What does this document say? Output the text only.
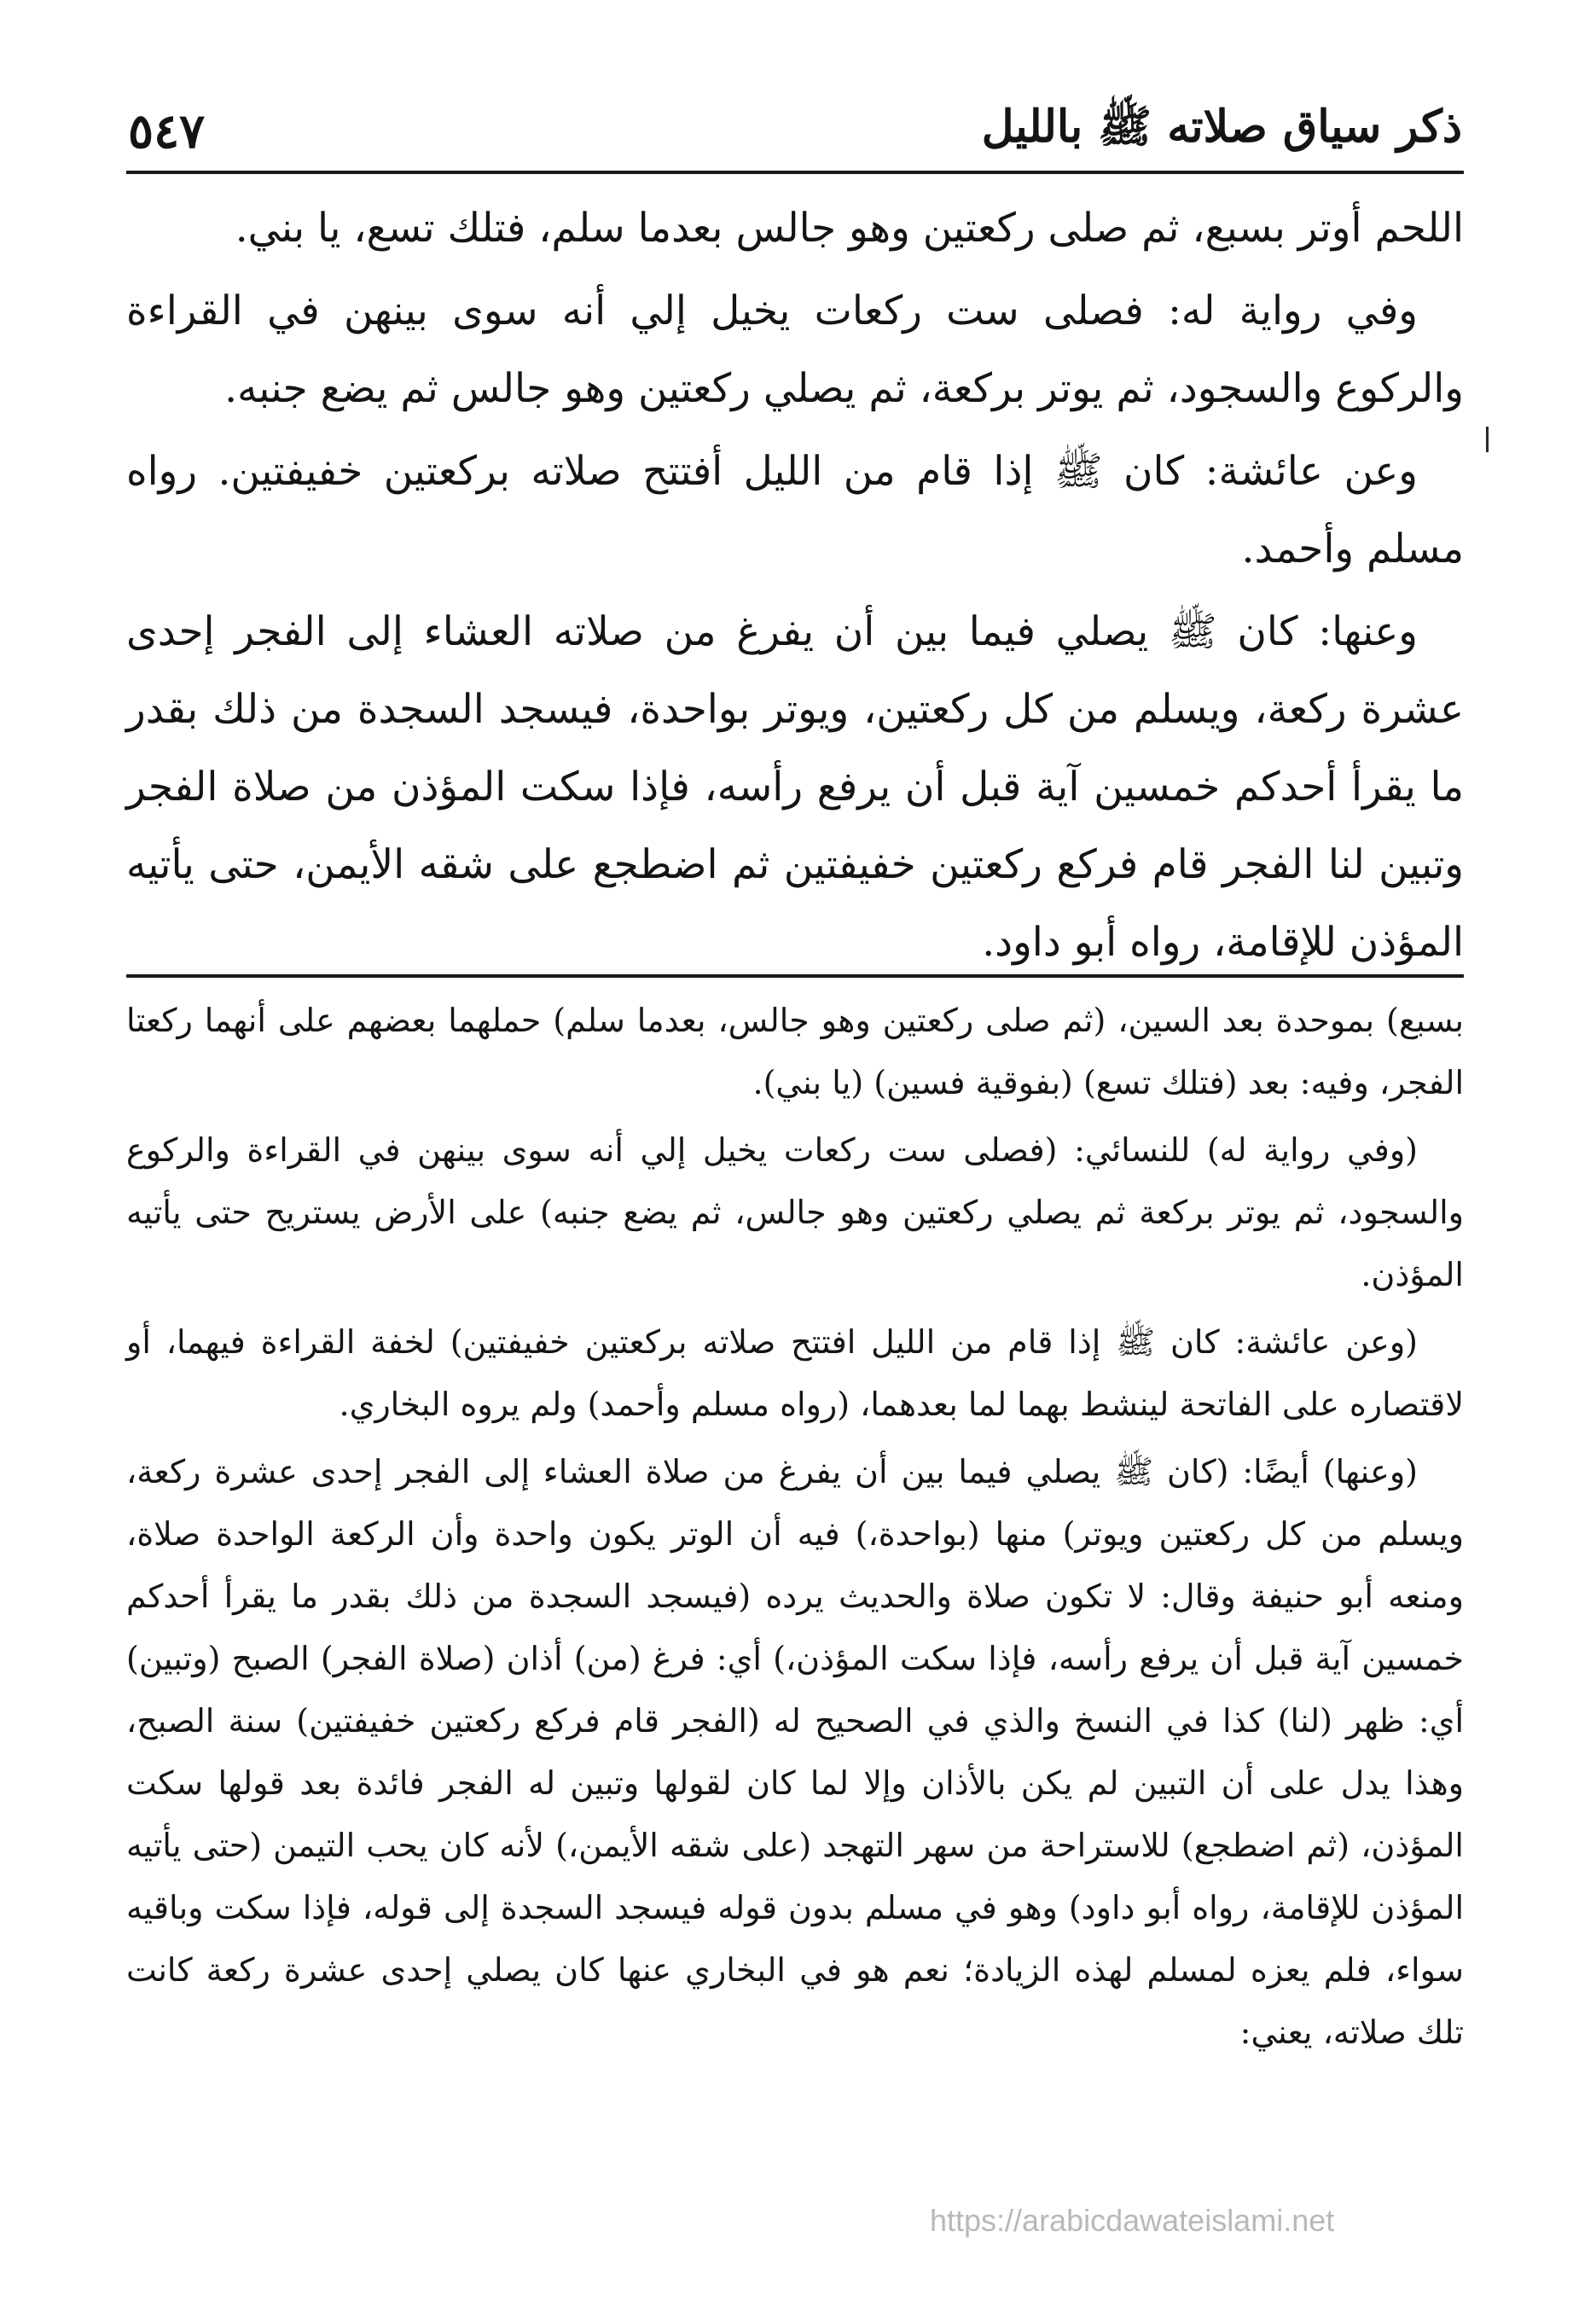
ذكر سياق صلاته ﷺ بالليل
٥٤٧

اللحم أوتر بسبع، ثم صلى ركعتين وهو جالس بعدما سلم، فتلك تسع، يا بني.

وفي رواية له: فصلى ست ركعات يخيل إلي أنه سوى بينهن في القراءة والركوع والسجود، ثم يوتر بركعة، ثم يصلي ركعتين وهو جالس ثم يضع جنبه.

وعن عائشة: كان ﷺ إذا قام من الليل أفتتح صلاته بركعتين خفيفتين. رواه مسلم وأحمد.

وعنها: كان ﷺ يصلي فيما بين أن يفرغ من صلاته العشاء إلى الفجر إحدى عشرة ركعة، ويسلم من كل ركعتين، ويوتر بواحدة، فيسجد السجدة من ذلك بقدر ما يقرأ أحدكم خمسين آية قبل أن يرفع رأسه، فإذا سكت المؤذن من صلاة الفجر وتبين لنا الفجر قام فركع ركعتين خفيفتين ثم اضطجع على شقه الأيمن، حتى يأتيه المؤذن للإقامة، رواه أبو داود.

بسبع) بموحدة بعد السين، (ثم صلى ركعتين وهو جالس، بعدما سلم) حملهما بعضهم على أنهما ركعتا الفجر، وفيه: بعد (فتلك تسع) (بفوقية فسين) (يا بني).

(وفي رواية له) للنسائي: (فصلى ست ركعات يخيل إلي أنه سوى بينهن في القراءة والركوع والسجود، ثم يوتر بركعة ثم يصلي ركعتين وهو جالس، ثم يضع جنبه) على الأرض يستريح حتى يأتيه المؤذن.

(وعن عائشة: كان ﷺ إذا قام من الليل افتتح صلاته بركعتين خفيفتين) لخفة القراءة فيهما، أو لاقتصاره على الفاتحة لينشط بهما لما بعدهما، (رواه مسلم وأحمد) ولم يروه البخاري.

(وعنها) أيضًا: (كان ﷺ يصلي فيما بين أن يفرغ من صلاة العشاء إلى الفجر إحدى عشرة ركعة، ويسلم من كل ركعتين ويوتر) منها (بواحدة،) فيه أن الوتر يكون واحدة وأن الركعة الواحدة صلاة، ومنعه أبو حنيفة وقال: لا تكون صلاة والحديث يرده (فيسجد السجدة من ذلك بقدر ما يقرأ أحدكم خمسين آية قبل أن يرفع رأسه، فإذا سكت المؤذن،) أي: فرغ (من) أذان (صلاة الفجر) الصبح (وتبين) أي: ظهر (لنا) كذا في النسخ والذي في الصحيح له (الفجر قام فركع ركعتين خفيفتين) سنة الصبح، وهذا يدل على أن التبين لم يكن بالأذان وإلا لما كان لقولها وتبين له الفجر فائدة بعد قولها سكت المؤذن، (ثم اضطجع) للاستراحة من سهر التهجد (على شقه الأيمن،) لأنه كان يحب التيمن (حتى يأتيه المؤذن للإقامة، رواه أبو داود) وهو في مسلم بدون قوله فيسجد السجدة إلى قوله، فإذا سكت وباقيه سواء، فلم يعزه لمسلم لهذه الزيادة؛ نعم هو في البخاري عنها كان يصلي إحدى عشرة ركعة كانت تلك صلاته، يعني:

https://arabicdawateislami.net
